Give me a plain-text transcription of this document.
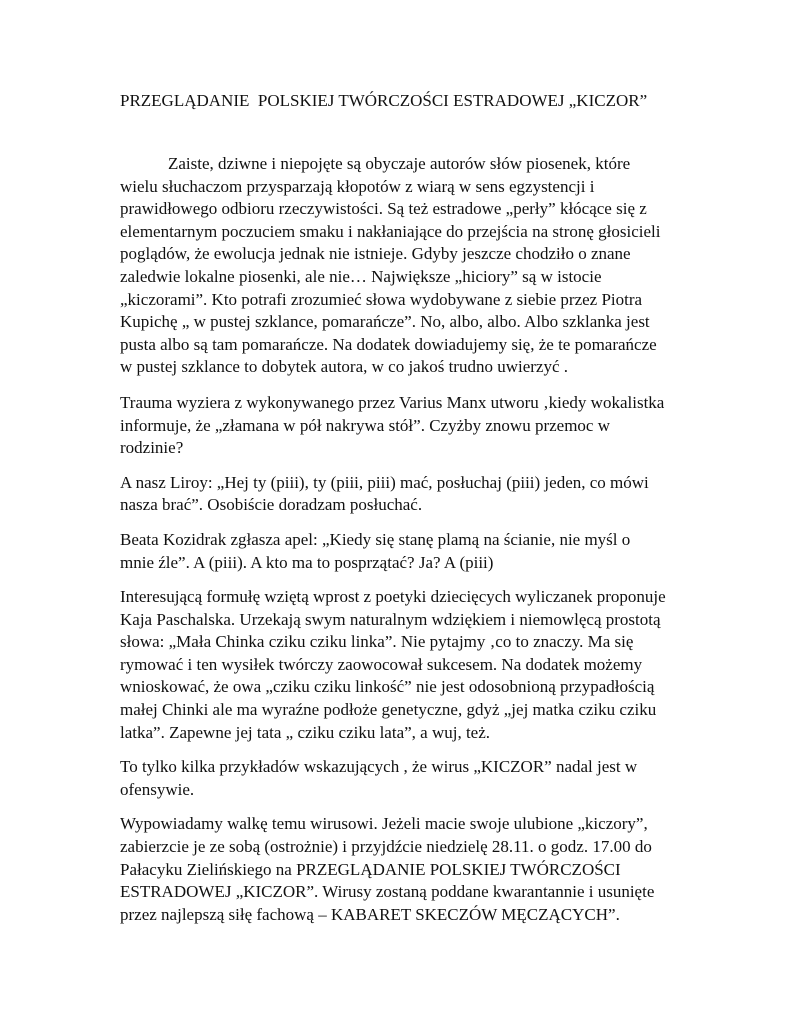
PRZEGLĄDANIE  POLSKIEJ TWÓRCZOŚCI ESTRADOWEJ „KICZOR”

Zaiste, dziwne i niepojęte są obyczaje autorów słów piosenek, które wielu słuchaczom przysparzają kłopotów z wiarą w sens egzystencji i prawidłowego odbioru rzeczywistości. Są też estradowe „perły” kłócące się z elementarnym poczuciem smaku i nakłaniające do przejścia na stronę głosicieli poglądów, że ewolucja jednak nie istnieje. Gdyby jeszcze chodziło o znane zaledwie lokalne piosenki, ale nie… Największe „hiciory” są w istocie „kiczorami”. Kto potrafi zrozumieć słowa wydobywane z siebie przez Piotra Kupichę „ w pustej szklance, pomarańcze”. No, albo, albo. Albo szklanka jest pusta albo są tam pomarańcze. Na dodatek dowiadujemy się, że te pomarańcze w pustej szklance to dobytek autora, w co jakoś trudno uwierzyć .

Trauma wyziera z wykonywanego przez Varius Manx utworu ‚kiedy wokalistka informuje, że „złamana w pół nakrywa stół”. Czyżby znowu przemoc w rodzinie?

A nasz Liroy: „Hej ty (piii), ty (piii, piii) mać, posłuchaj (piii) jeden, co mówi nasza brać”. Osobiście doradzam posłuchać.

Beata Kozidrak zgłasza apel: „Kiedy się stanę plamą na ścianie, nie myśl o mnie źle”. A (piii). A kto ma to posprzątać? Ja? A (piii)

Interesującą formułę wziętą wprost z poetyki dziecięcych wyliczanek proponuje Kaja Paschalska. Urzekają swym naturalnym wdziękiem i niemowlęcą prostotą słowa: „Mała Chinka cziku cziku linka”. Nie pytajmy ‚co to znaczy. Ma się rymować i ten wysiłek twórczy zaowocował sukcesem. Na dodatek możemy wnioskować, że owa „cziku cziku linkość” nie jest odosobnioną przypadłością małej Chinki ale ma wyraźne podłoże genetyczne, gdyż „jej matka cziku cziku latka”. Zapewne jej tata „ cziku cziku lata”, a wuj, też.

To tylko kilka przykładów wskazujących , że wirus „KICZOR” nadal jest w ofensywie.

Wypowiadamy walkę temu wirusowi. Jeżeli macie swoje ulubione „kiczory”, zabierzcie je ze sobą (ostrożnie) i przyjdźcie niedzielę 28.11. o godz. 17.00 do Pałacyku Zielińskiego na PRZEGLĄDANIE POLSKIEJ TWÓRCZOŚCI ESTRADOWEJ „KICZOR”. Wirusy zostaną poddane kwarantannie i usunięte przez najlepszą siłę fachową – KABARET SKECZÓW MĘCZĄCYCH”.
